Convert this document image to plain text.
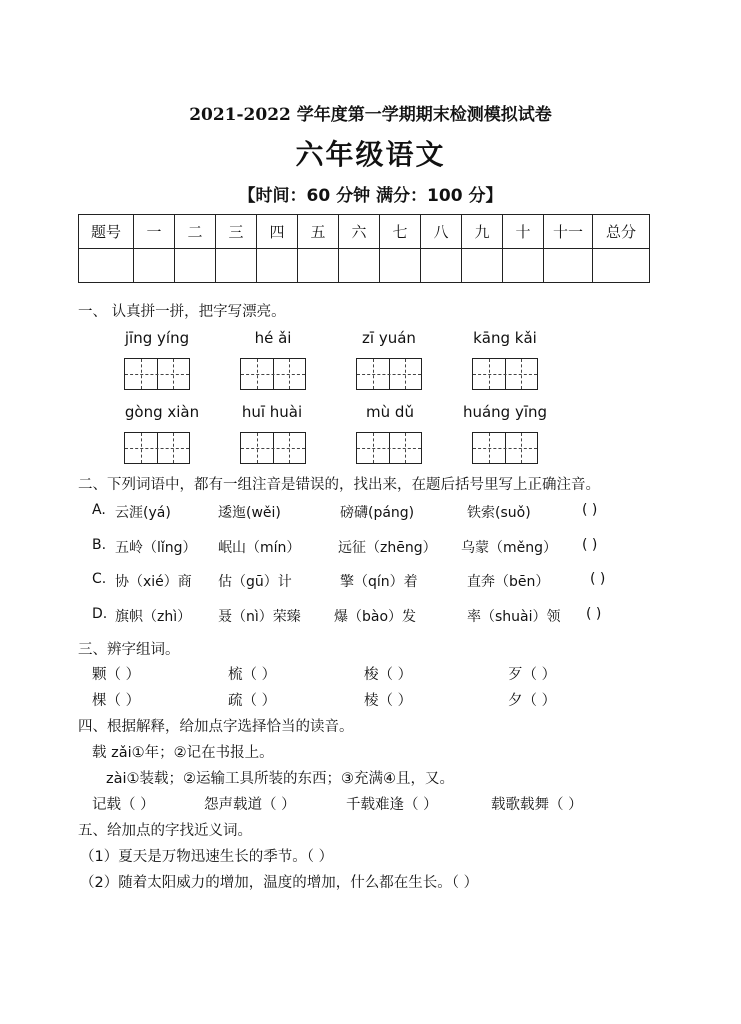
2021-2022 学年度第一学期期末检测模拟试卷
六年级语文
【时间：60 分钟 满分：100 分】
题号	一	二	三	四	五	六	七	八	九	十	十一	总分

一、 认真拼一拼，把字写漂亮。
jīng yíng	hé ǎi	zī yuán	kāng kǎi
gòng xiàn	huī huài	mù dǔ	huáng yīng
二、下列词语中，都有一组注音是错误的，找出来，在题后括号里写上正确注音。
A. 云涯(yá)	逶迤(wěi)	磅礴(páng)	铁索(suǒ)	( )
B. 五岭（lǐng） 岷山（mín）	远征（zhēng） 乌蒙（měng） ( )
C. 协（xié）商 估（gū）计	擎（qín）着	直奔（bēn）	( )
D. 旗帜（zhì） 聂（nì）荣臻 爆（bào）发	率（shuài）领 ( )
三、辨字组词。
颗（ ）	梳（ ）	梭（ ）	歹（ ）
棵（ ）	疏（ ）	棱（ ）	夕（ ）
四、根据解释，给加点字选择恰当的读音。
载 zǎi①年；②记在书报上。
zài①装载；②运输工具所装的东西；③充满④且，又。
记载（ ）	怨声载道（ ）	千载难逢（ ）	载歌载舞（ ）
五、给加点的字找近义词。
（1）夏天是万物迅速生长的季节。（ ）
（2）随着太阳威力的增加，温度的增加，什么都在生长。（ ）
